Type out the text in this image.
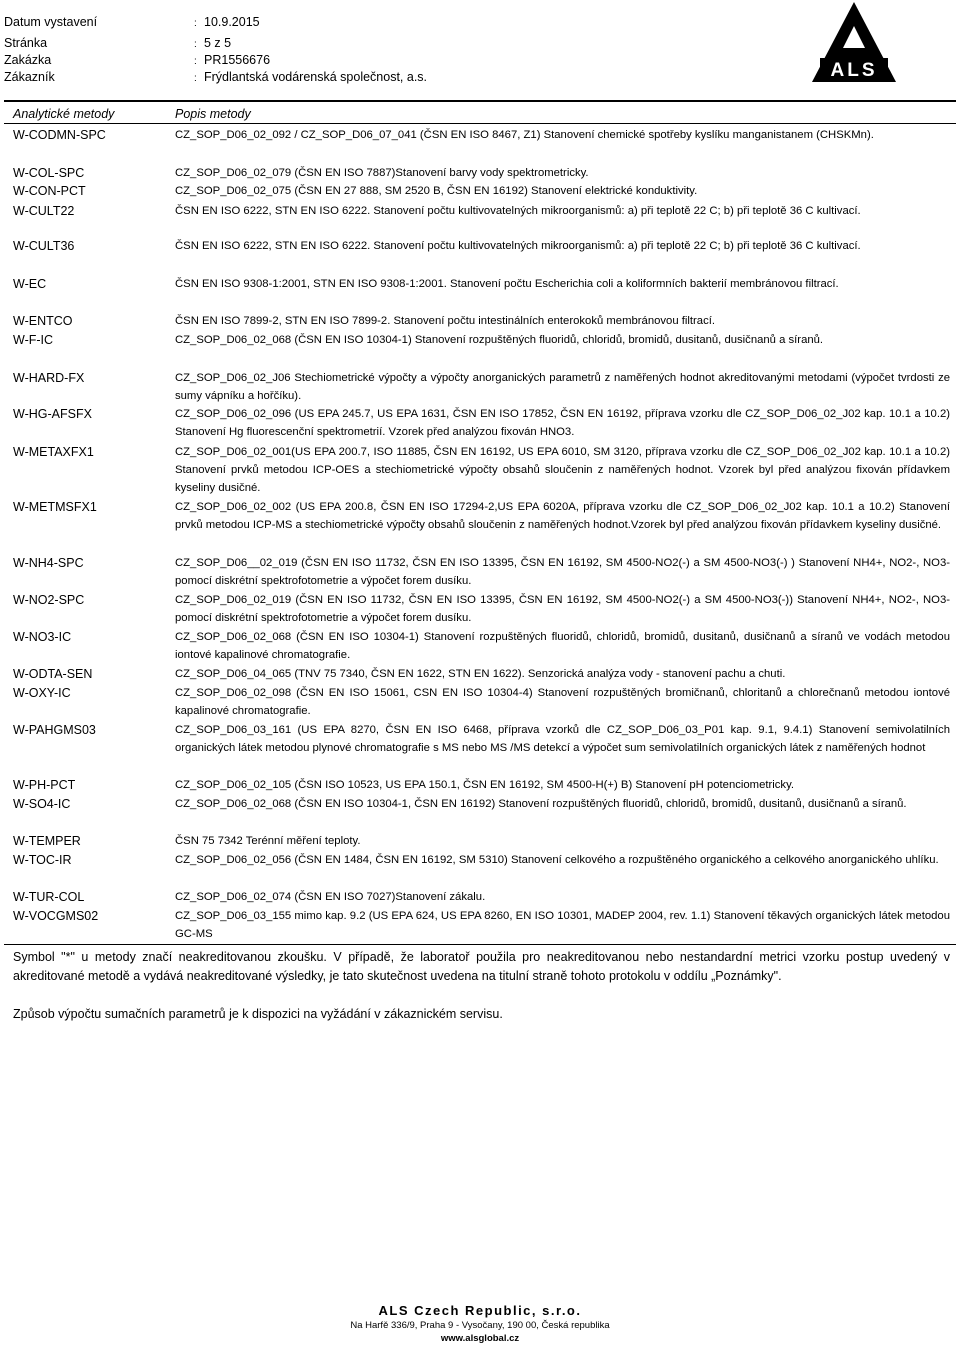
Datum vystavení	: 10.9.2015
Stránka	: 5 z 5
Zakázka	: PR1556676
Zákazník	: Frýdlantská vodárenská společnost, a.s.	ALS
Analytické metody	Popis metody
W-CODMN-SPC	CZ_SOP_D06_02_092 / CZ_SOP_D06_07_041 (ČSN EN ISO 8467, Z1) Stanovení chemické spotřeby kyslíku manganistanem (CHSKMn).
W-COL-SPC	CZ_SOP_D06_02_079 (ČSN EN ISO 7887)Stanovení barvy vody spektrometricky.
W-CON-PCT	CZ_SOP_D06_02_075 (ČSN EN 27 888, SM 2520 B, ČSN EN 16192) Stanovení elektrické konduktivity.
W-CULT22	ČSN EN ISO 6222, STN EN ISO 6222. Stanovení počtu kultivovatelných mikroorganismů: a) při teplotě 22 C; b) při teplotě 36 C kultivací.
W-CULT36	ČSN EN ISO 6222, STN EN ISO 6222. Stanovení počtu kultivovatelných mikroorganismů: a) při teplotě 22 C; b) při teplotě 36 C kultivací.
W-EC	ČSN EN ISO 9308-1:2001, STN EN ISO 9308-1:2001. Stanovení počtu Escherichia coli a koliformních bakterií membránovou filtrací.
W-ENTCO	ČSN EN ISO 7899-2, STN EN ISO 7899-2. Stanovení počtu intestinálních enterokoků membránovou filtrací.
W-F-IC	CZ_SOP_D06_02_068 (ČSN EN ISO 10304-1) Stanovení rozpuštěných fluoridů, chloridů, bromidů, dusitanů, dusičnanů a síranů.
W-HARD-FX	CZ_SOP_D06_02_J06 Stechiometrické výpočty a výpočty anorganických parametrů z naměřených hodnot akreditovanými metodami (výpočet tvrdosti ze sumy vápníku a hořčíku).
W-HG-AFSFX	CZ_SOP_D06_02_096 (US EPA 245.7, US EPA 1631, ČSN EN ISO 17852, ČSN EN 16192, příprava vzorku dle CZ_SOP_D06_02_J02 kap. 10.1 a 10.2) Stanovení Hg fluorescenční spektrometrií. Vzorek před analýzou fixován HNO3.
W-METAXFX1	CZ_SOP_D06_02_001(US EPA 200.7, ISO 11885, ČSN EN 16192, US EPA 6010, SM 3120, příprava vzorku dle CZ_SOP_D06_02_J02 kap. 10.1 a 10.2) Stanovení prvků metodou ICP-OES a stechiometrické výpočty obsahů sloučenin z naměřených hodnot. Vzorek byl před analýzou fixován přídavkem kyseliny dusičné.
W-METMSFX1	CZ_SOP_D06_02_002 (US EPA 200.8, ČSN EN ISO 17294-2,US EPA 6020A, příprava vzorku dle CZ_SOP_D06_02_J02 kap. 10.1 a 10.2) Stanovení prvků metodou ICP-MS a stechiometrické výpočty obsahů sloučenin z naměřených hodnot.Vzorek byl před analýzou fixován přídavkem kyseliny dusičné.
W-NH4-SPC	CZ_SOP_D06__02_019 (ČSN EN ISO 11732, ČSN EN ISO 13395, ČSN EN 16192, SM 4500-NO2(-) a SM 4500-NO3(-) ) Stanovení NH4+, NO2-, NO3- pomocí diskrétní spektrofotometrie a výpočet forem dusíku.
W-NO2-SPC	CZ_SOP_D06_02_019 (ČSN EN ISO 11732, ČSN EN ISO 13395, ČSN EN 16192, SM 4500-NO2(-) a SM 4500-NO3(-)) Stanovení NH4+, NO2-, NO3- pomocí diskrétní spektrofotometrie a výpočet forem dusíku.
W-NO3-IC	CZ_SOP_D06_02_068 (ČSN EN ISO 10304-1) Stanovení rozpuštěných fluoridů, chloridů, bromidů, dusitanů, dusičnanů a síranů ve vodách metodou iontové kapalinové chromatografie.
W-ODTA-SEN	CZ_SOP_D06_04_065 (TNV 75 7340, ČSN EN 1622, STN EN 1622). Senzorická analýza vody - stanovení pachu a chuti.
W-OXY-IC	CZ_SOP_D06_02_098 (ČSN EN ISO 15061, CSN EN ISO 10304-4) Stanovení rozpuštěných bromičnanů, chloritanů a chlorečnanů metodou iontové kapalinové chromatografie.
W-PAHGMS03	CZ_SOP_D06_03_161 (US EPA 8270, ČSN EN ISO 6468, příprava vzorků dle CZ_SOP_D06_03_P01 kap. 9.1, 9.4.1) Stanovení semivolatilních organických látek metodou plynové chromatografie s MS nebo MS /MS detekcí a výpočet sum semivolatilních organických látek z naměřených hodnot
W-PH-PCT	CZ_SOP_D06_02_105 (ČSN ISO 10523, US EPA 150.1, ČSN EN 16192, SM 4500-H(+) B) Stanovení pH potenciometricky.
W-SO4-IC	CZ_SOP_D06_02_068 (ČSN EN ISO 10304-1, ČSN EN 16192) Stanovení rozpuštěných fluoridů, chloridů, bromidů, dusitanů, dusičnanů a síranů.
W-TEMPER	ČSN 75 7342 Terénní měření teploty.
W-TOC-IR	CZ_SOP_D06_02_056 (ČSN EN 1484, ČSN EN 16192, SM 5310) Stanovení celkového a rozpuštěného organického a celkového anorganického uhlíku.
W-TUR-COL	CZ_SOP_D06_02_074 (ČSN EN ISO 7027)Stanovení zákalu.
W-VOCGMS02	CZ_SOP_D06_03_155 mimo kap. 9.2 (US EPA 624, US EPA 8260, EN ISO 10301, MADEP 2004, rev. 1.1) Stanovení těkavých organických látek metodou GC-MS
Symbol "*" u metody značí neakreditovanou zkoušku. V případě, že laboratoř použila pro neakreditovanou nebo nestandardní metrici vzorku postup uvedený v akreditované metodě a vydává neakreditované výsledky, je tato skutečnost uvedena na titulní straně tohoto protokolu v oddílu „Poznámky".
Způsob výpočtu sumačních parametrů je k dispozici na vyžádání v zákaznickém servisu.
ALS Czech Republic, s.r.o.
Na Harfě 336/9, Praha 9 - Vysočany, 190 00, Česká republika
www.alsglobal.cz
